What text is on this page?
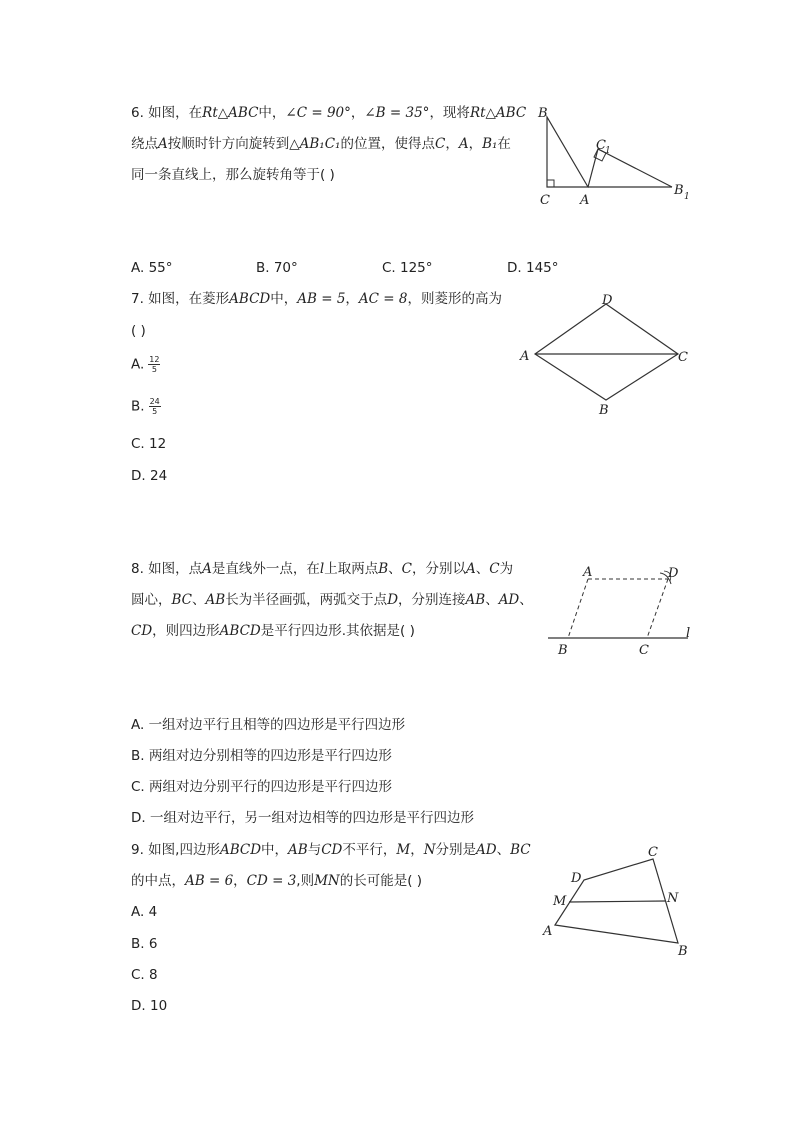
6. 如图，在Rt△ABC中，∠C = 90°，∠B = 35°，现将Rt△ABC
绕点A按顺时针方向旋转到△AB₁C₁的位置，使得点C，A，B₁在
同一条直线上，那么旋转角等于( )
B
C A
C 1
B 1
A. 55°	B. 70°	C. 125°	D. 145°
7. 如图，在菱形ABCD中，AB = 5，AC = 8，则菱形的高为
( )
A. $\frac{12}{5}$
B. $\frac{24}{5}$
C. 12
D. 24
D
A	C
B
8. 如图，点A是直线外一点，在l上取两点B、C，分别以A、C为
圆心，BC、AB长为半径画弧，两弧交于点D，分别连接AB、AD、
CD，则四边形ABCD是平行四边形.其依据是( )
A	D
l
B	C
A. 一组对边平行且相等的四边形是平行四边形
B. 两组对边分别相等的四边形是平行四边形
C. 两组对边分别平行的四边形是平行四边形
D. 一组对边平行，另一组对边相等的四边形是平行四边形
9. 如图,四边形ABCD中，AB与CD不平行，M，N分别是AD、BC
的中点，AB = 6，CD = 3,则MN的长可能是( )
A. 4
B. 6
C. 8
D. 10
C
D
M	N
A
B
